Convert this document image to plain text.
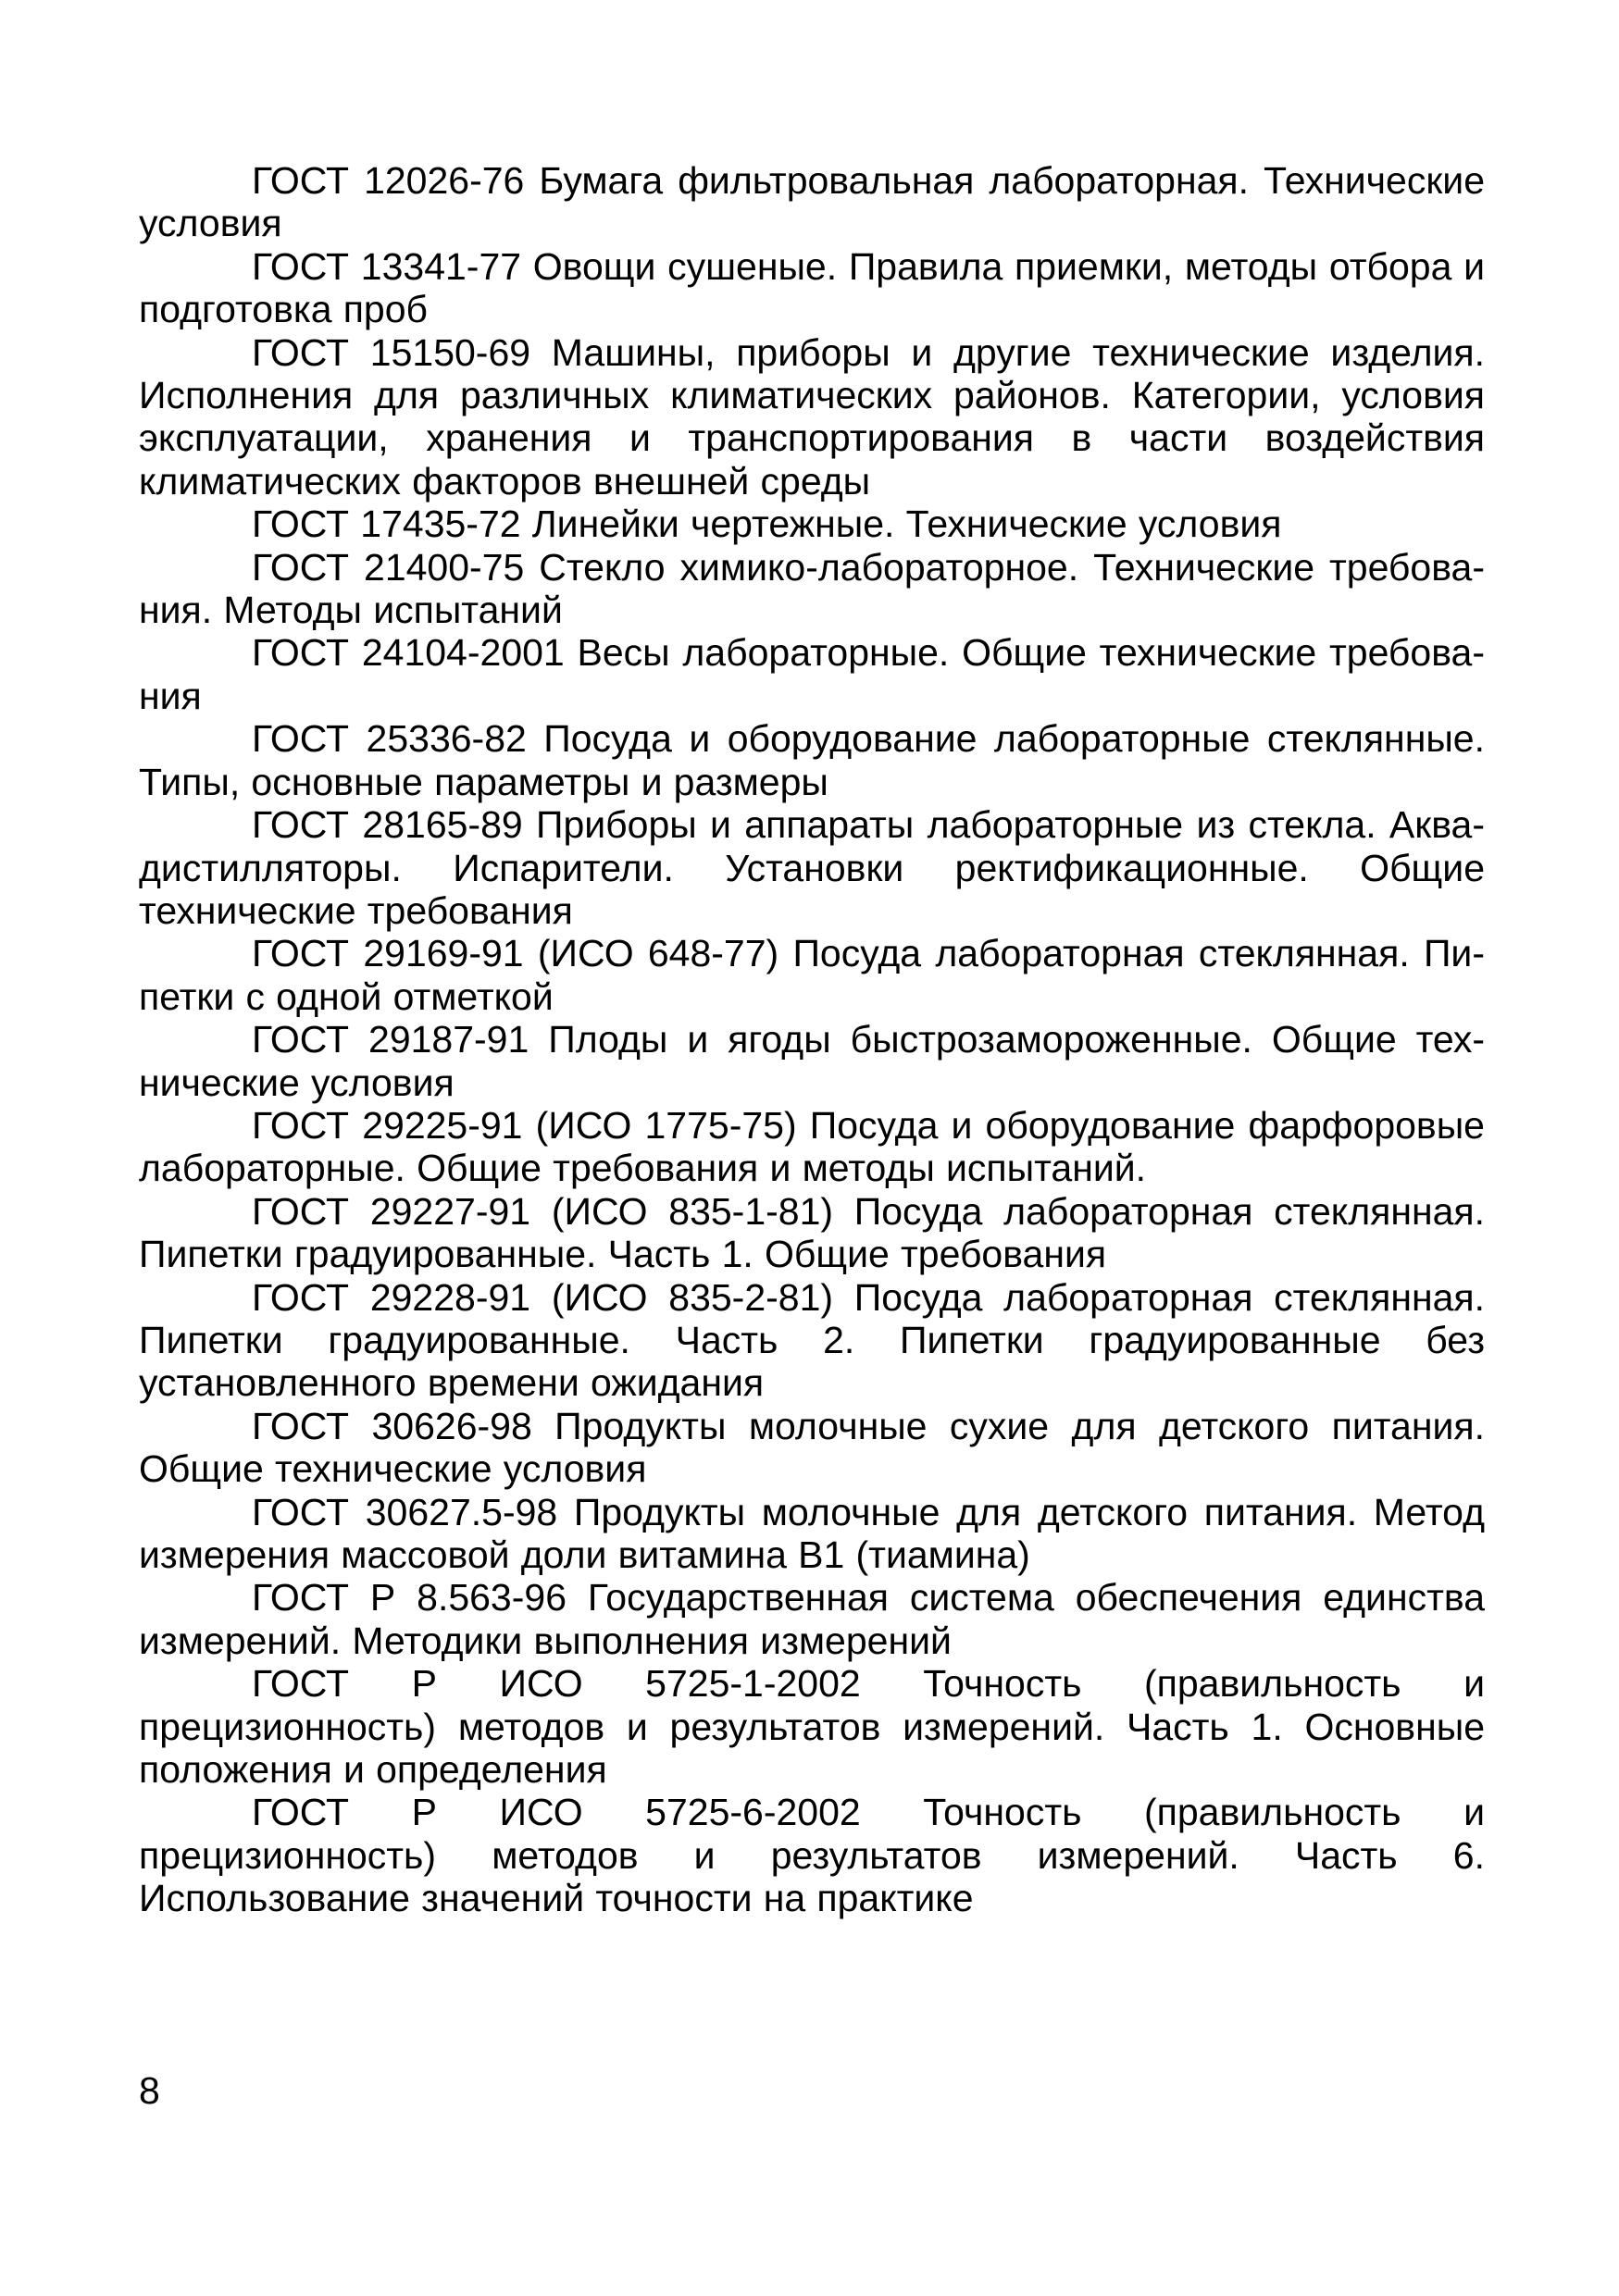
ГОСТ 12026-76 Бумага фильтровальная лабораторная. Технические условия

ГОСТ 13341-77 Овощи сушеные. Правила приемки, методы отбора и подготовка проб

ГОСТ 15150-69 Машины, приборы и другие технические изделия. Исполнения для различных климатических районов. Категории, условия эксплуатации, хранения и транспортирования в части воздействия климатических факторов внешней среды

ГОСТ 17435-72 Линейки чертежные. Технические условия

ГОСТ 21400-75 Стекло химико-лабораторное. Технические требования. Методы испытаний

ГОСТ 24104-2001 Весы лабораторные. Общие технические требования

ГОСТ 25336-82 Посуда и оборудование лабораторные стеклянные. Типы, основные параметры и размеры

ГОСТ 28165-89 Приборы и аппараты лабораторные из стекла. Аквадистилляторы. Испарители. Установки ректификационные. Общие технические требования

ГОСТ 29169-91 (ИСО 648-77) Посуда лабораторная стеклянная. Пипетки с одной отметкой

ГОСТ 29187-91 Плоды и ягоды быстрозамороженные. Общие технические условия

ГОСТ 29225-91 (ИСО 1775-75) Посуда и оборудование фарфоровые лабораторные. Общие требования и методы испытаний.

ГОСТ 29227-91 (ИСО 835-1-81) Посуда лабораторная стеклянная. Пипетки градуированные. Часть 1. Общие требования

ГОСТ 29228-91 (ИСО 835-2-81) Посуда лабораторная стеклянная. Пипетки градуированные. Часть 2. Пипетки градуированные без установленного времени ожидания

ГОСТ 30626-98 Продукты молочные сухие для детского питания. Общие технические условия

ГОСТ 30627.5-98 Продукты молочные для детского питания. Метод измерения массовой доли витамина В1 (тиамина)

ГОСТ Р 8.563-96 Государственная система обеспечения единства измерений. Методики выполнения измерений

ГОСТ Р ИСО 5725-1-2002 Точность (правильность и прецизионность) методов и результатов измерений. Часть 1. Основные положения и определения

ГОСТ Р ИСО 5725-6-2002 Точность (правильность и прецизионность) методов и результатов измерений. Часть 6. Использование значений точности на практике

8
